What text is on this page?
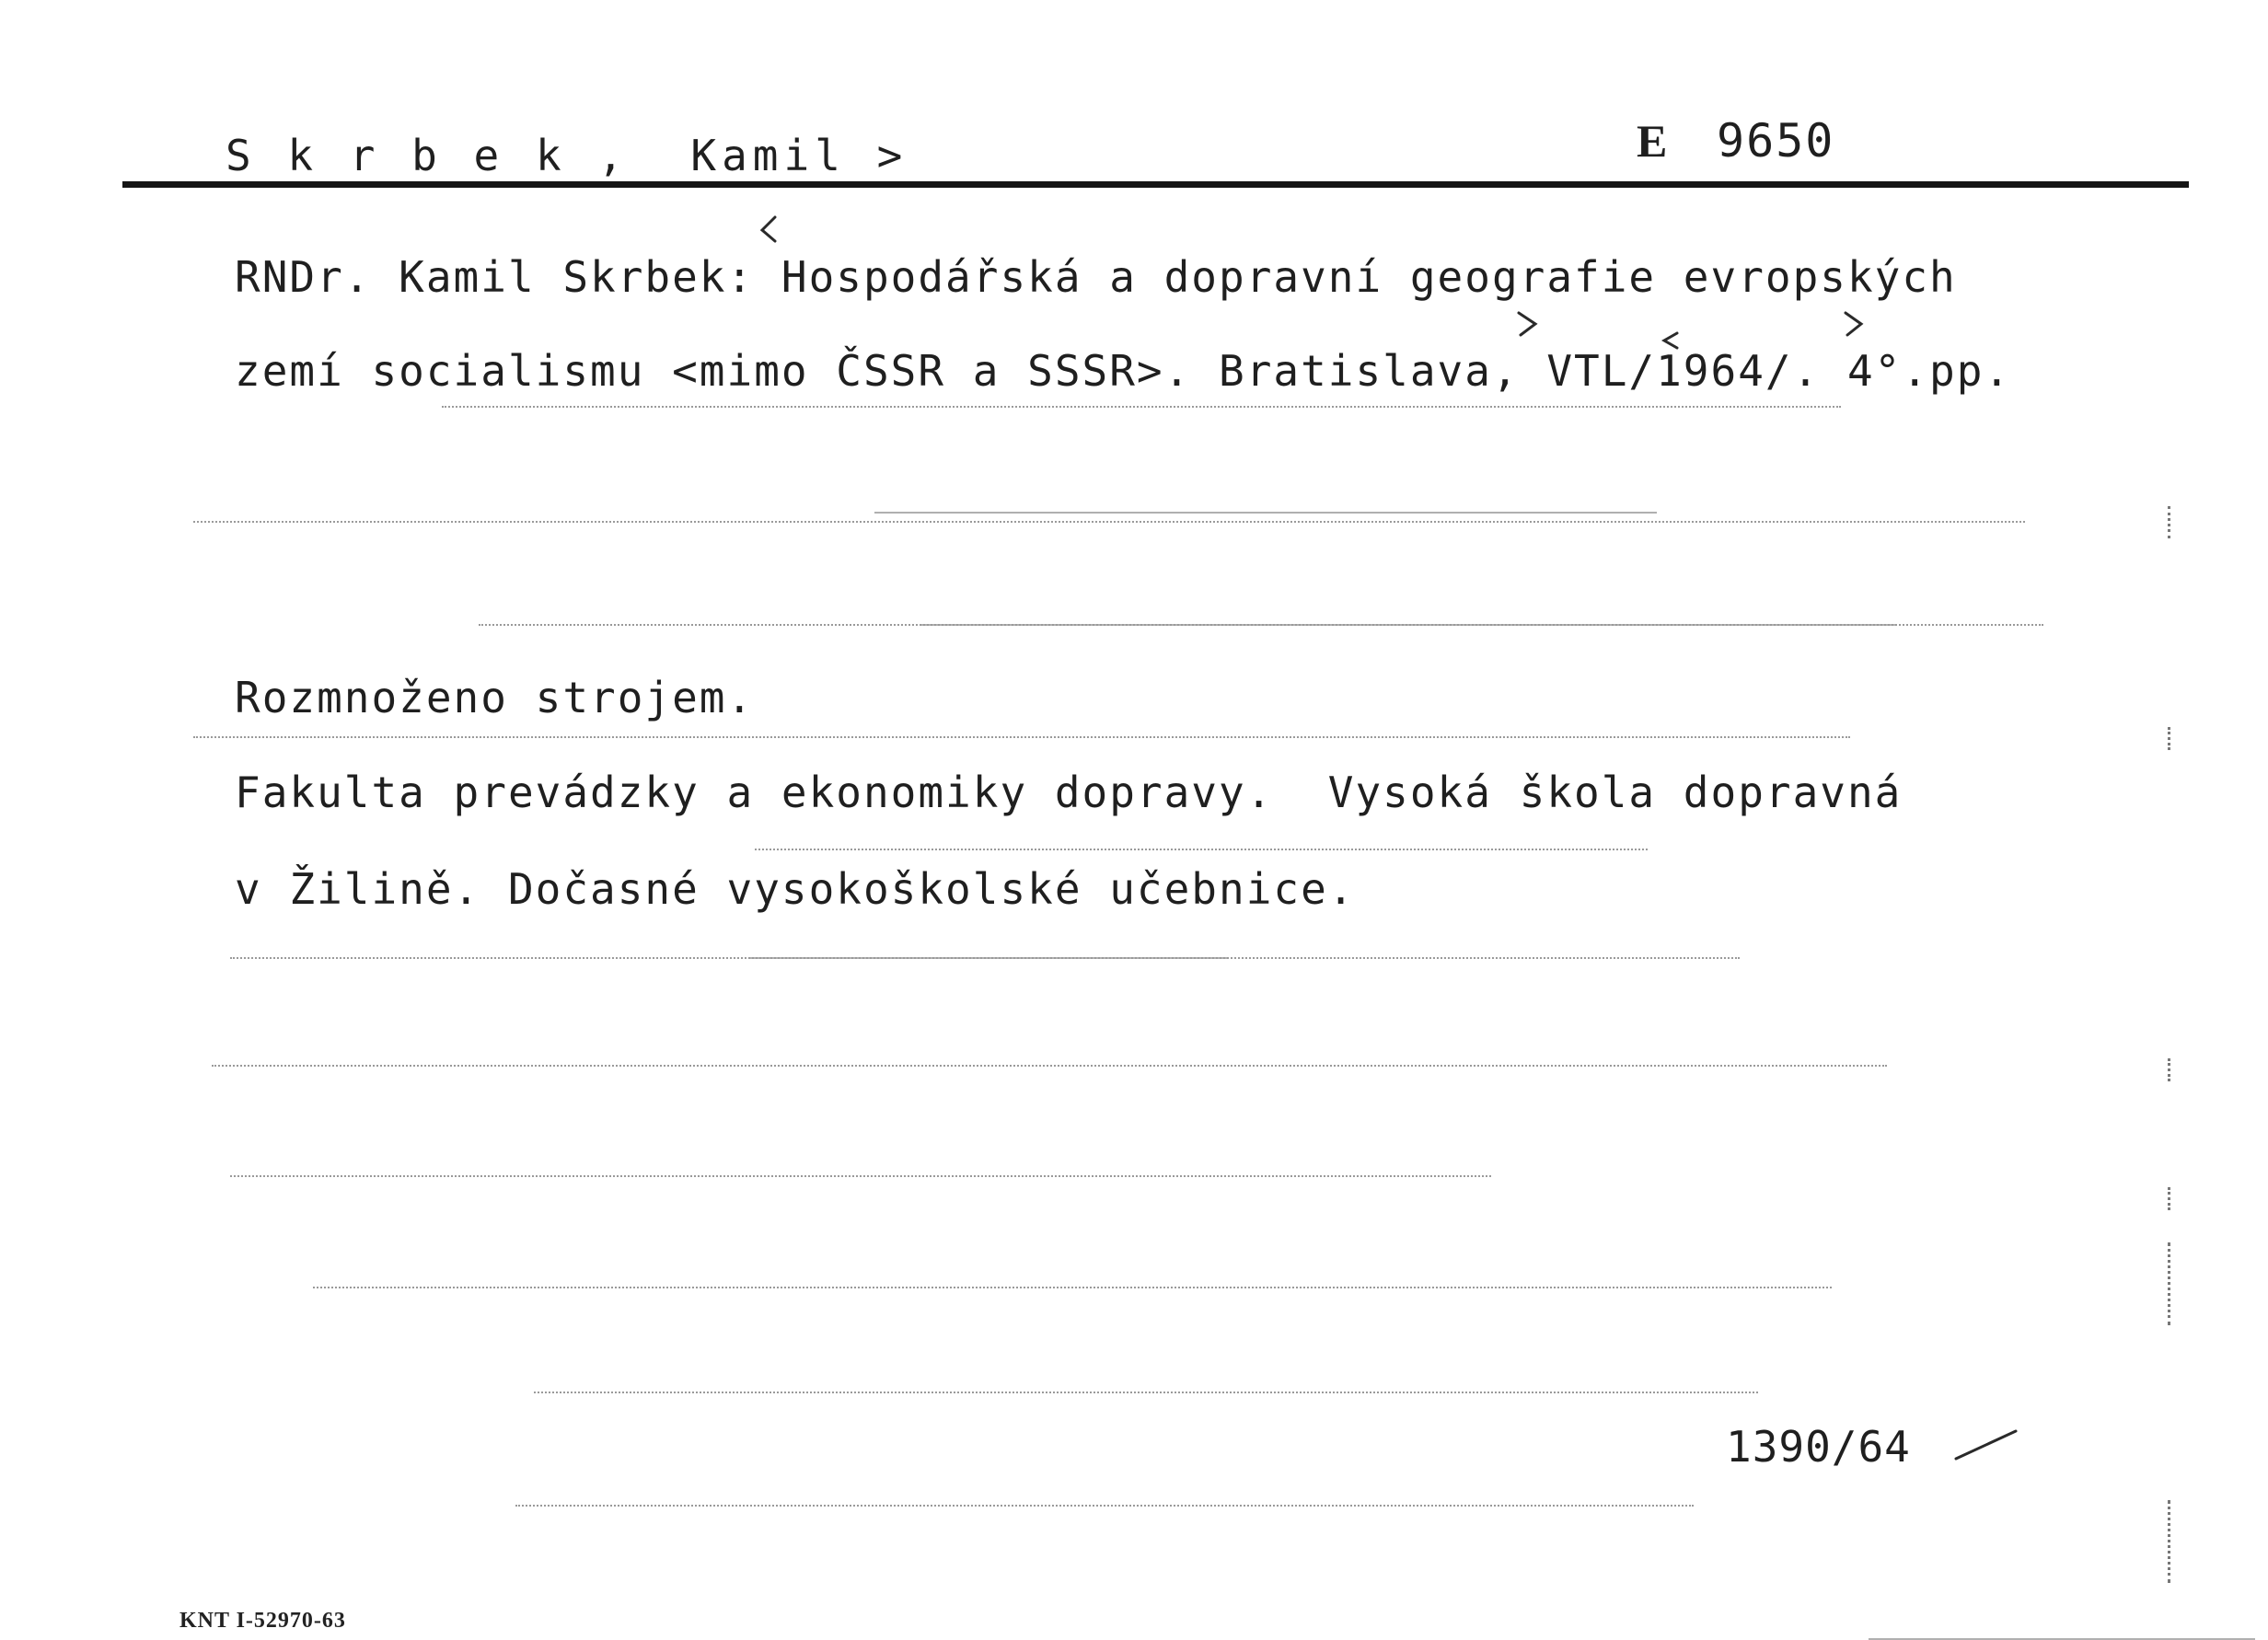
S k r b e k ,  Kamil >	E 9650
RNDr. Kamil Skrbek: Hospodářská a dopravní geografie evropských
zemí socialismu <mimo ČSSR a SSSR>. Bratislava, VTL/1964/. 4°.pp.
Rozmnoženo strojem.
Fakulta prevádzky a ekonomiky dopravy.  Vysoká škola dopravná
v Žilině. Dočasné vysokoškolské učebnice.
1390/64
KNT I-52970-63
